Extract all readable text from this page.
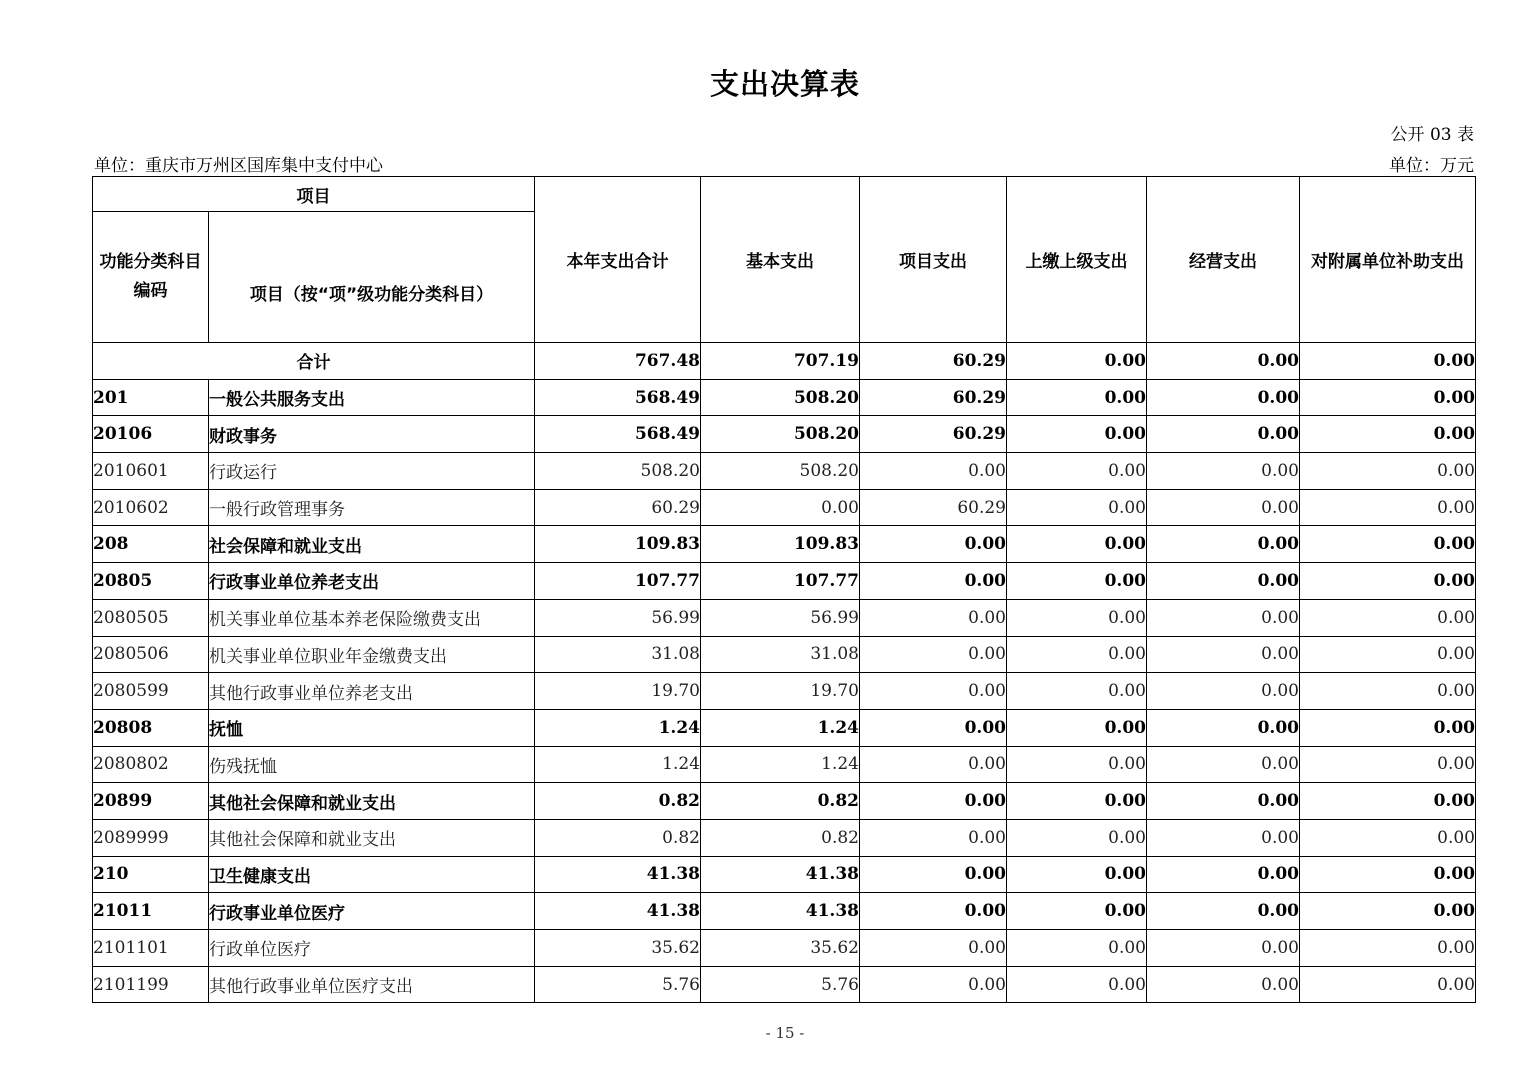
支出决算表
公开 03 表
单位：重庆市万州区国库集中支付中心	单位：万元
项目		本年支出合计	基本支出	项目支出	上缴上级支出	经营支出	对附属单位补助支出
功能分类科目编码	项目（按“项”级功能分类科目）						
合计		767.48	707.19	60.29	0.00	0.00	0.00
201	一般公共服务支出	568.49	508.20	60.29	0.00	0.00	0.00
20106	财政事务	568.49	508.20	60.29	0.00	0.00	0.00
2010601	行政运行	508.20	508.20	0.00	0.00	0.00	0.00
2010602	一般行政管理事务	60.29	0.00	60.29	0.00	0.00	0.00
208	社会保障和就业支出	109.83	109.83	0.00	0.00	0.00	0.00
20805	行政事业单位养老支出	107.77	107.77	0.00	0.00	0.00	0.00
2080505	机关事业单位基本养老保险缴费支出	56.99	56.99	0.00	0.00	0.00	0.00
2080506	机关事业单位职业年金缴费支出	31.08	31.08	0.00	0.00	0.00	0.00
2080599	其他行政事业单位养老支出	19.70	19.70	0.00	0.00	0.00	0.00
20808	抚恤	1.24	1.24	0.00	0.00	0.00	0.00
2080802	伤残抚恤	1.24	1.24	0.00	0.00	0.00	0.00
20899	其他社会保障和就业支出	0.82	0.82	0.00	0.00	0.00	0.00
2089999	其他社会保障和就业支出	0.82	0.82	0.00	0.00	0.00	0.00
210	卫生健康支出	41.38	41.38	0.00	0.00	0.00	0.00
21011	行政事业单位医疗	41.38	41.38	0.00	0.00	0.00	0.00
2101101	行政单位医疗	35.62	35.62	0.00	0.00	0.00	0.00
2101199	其他行政事业单位医疗支出	5.76	5.76	0.00	0.00	0.00	0.00
- 15 -
